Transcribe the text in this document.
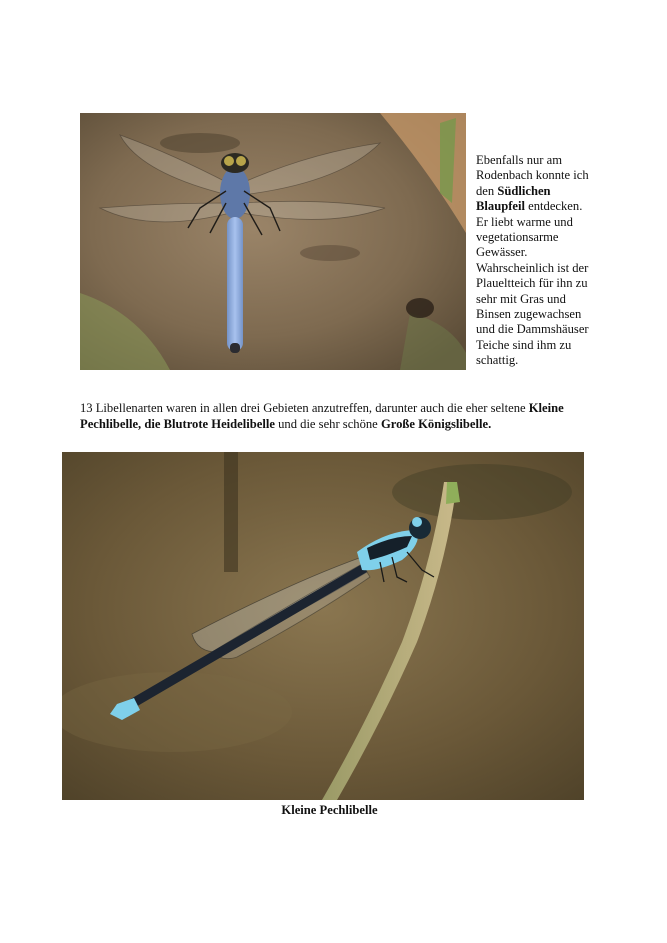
Ebenfalls nur am
Rodenbach konnte ich
den Südlichen
Blaupfeil entdecken.
Er liebt warme und
vegetationsarme
Gewässer.
Wahrscheinlich ist der
Plaueltteich für ihn zu
sehr mit Gras und
Binsen zugewachsen
und die Dammshäuser
Teiche sind ihm zu
schattig.
13 Libellenarten waren in allen drei Gebieten anzutreffen, darunter auch die eher seltene Kleine Pechlibelle, die Blutrote Heidelibelle und die sehr schöne Große Königslibelle.
Kleine Pechlibelle
